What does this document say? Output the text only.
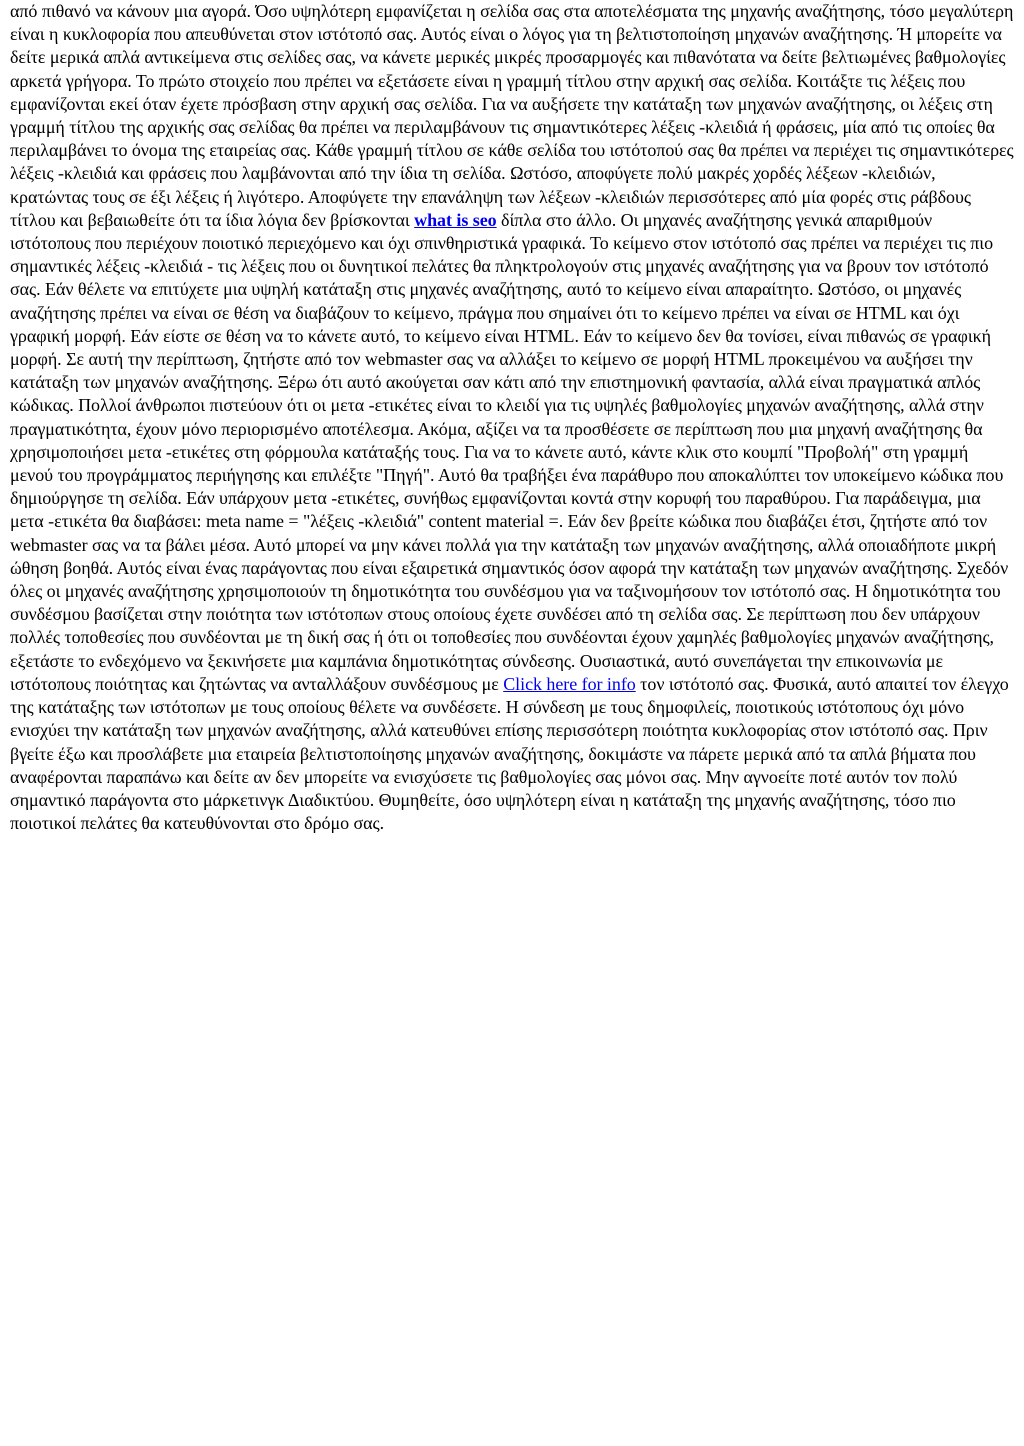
από πιθανό να κάνουν μια αγορά. Όσο υψηλότερη εμφανίζεται η σελίδα σας στα αποτελέσματα της μηχανής αναζήτησης, τόσο μεγαλύτερη είναι η κυκλοφορία που απευθύνεται στον ιστότοπό σας. Αυτός είναι ο λόγος για τη βελτιστοποίηση μηχανών αναζήτησης. Ή μπορείτε να δείτε μερικά απλά αντικείμενα στις σελίδες σας, να κάνετε μερικές μικρές προσαρμογές και πιθανότατα να δείτε βελτιωμένες βαθμολογίες αρκετά γρήγορα. Το πρώτο στοιχείο που πρέπει να εξετάσετε είναι η γραμμή τίτλου στην αρχική σας σελίδα. Κοιτάξτε τις λέξεις που εμφανίζονται εκεί όταν έχετε πρόσβαση στην αρχική σας σελίδα. Για να αυξήσετε την κατάταξη των μηχανών αναζήτησης, οι λέξεις στη γραμμή τίτλου της αρχικής σας σελίδας θα πρέπει να περιλαμβάνουν τις σημαντικότερες λέξεις -κλειδιά ή φράσεις, μία από τις οποίες θα περιλαμβάνει το όνομα της εταιρείας σας. Κάθε γραμμή τίτλου σε κάθε σελίδα του ιστότοπού σας θα πρέπει να περιέχει τις σημαντικότερες λέξεις -κλειδιά και φράσεις που λαμβάνονται από την ίδια τη σελίδα. Ωστόσο, αποφύγετε πολύ μακρές χορδές λέξεων -κλειδιών, κρατώντας τους σε έξι λέξεις ή λιγότερο. Αποφύγετε την επανάληψη των λέξεων -κλειδιών περισσότερες από μία φορές στις ράβδους τίτλου και βεβαιωθείτε ότι τα ίδια λόγια δεν βρίσκονται what is seo δίπλα στο άλλο. Οι μηχανές αναζήτησης γενικά απαριθμούν ιστότοπους που περιέχουν ποιοτικό περιεχόμενο και όχι σπινθηριστικά γραφικά. Το κείμενο στον ιστότοπό σας πρέπει να περιέχει τις πιο σημαντικές λέξεις -κλειδιά - τις λέξεις που οι δυνητικοί πελάτες θα πληκτρολογούν στις μηχανές αναζήτησης για να βρουν τον ιστότοπό σας. Εάν θέλετε να επιτύχετε μια υψηλή κατάταξη στις μηχανές αναζήτησης, αυτό το κείμενο είναι απαραίτητο. Ωστόσο, οι μηχανές αναζήτησης πρέπει να είναι σε θέση να διαβάζουν το κείμενο, πράγμα που σημαίνει ότι το κείμενο πρέπει να είναι σε HTML και όχι γραφική μορφή. Εάν είστε σε θέση να το κάνετε αυτό, το κείμενο είναι HTML. Εάν το κείμενο δεν θα τονίσει, είναι πιθανώς σε γραφική μορφή. Σε αυτή την περίπτωση, ζητήστε από τον webmaster σας να αλλάξει το κείμενο σε μορφή HTML προκειμένου να αυξήσει την κατάταξη των μηχανών αναζήτησης. Ξέρω ότι αυτό ακούγεται σαν κάτι από την επιστημονική φαντασία, αλλά είναι πραγματικά απλός κώδικας. Πολλοί άνθρωποι πιστεύουν ότι οι μετα -ετικέτες είναι το κλειδί για τις υψηλές βαθμολογίες μηχανών αναζήτησης, αλλά στην πραγματικότητα, έχουν μόνο περιορισμένο αποτέλεσμα. Ακόμα, αξίζει να τα προσθέσετε σε περίπτωση που μια μηχανή αναζήτησης θα χρησιμοποιήσει μετα -ετικέτες στη φόρμουλα κατάταξής τους. Για να το κάνετε αυτό, κάντε κλικ στο κουμπί "Προβολή" στη γραμμή μενού του προγράμματος περιήγησης και επιλέξτε "Πηγή". Αυτό θα τραβήξει ένα παράθυρο που αποκαλύπτει τον υποκείμενο κώδικα που δημιούργησε τη σελίδα. Εάν υπάρχουν μετα -ετικέτες, συνήθως εμφανίζονται κοντά στην κορυφή του παραθύρου. Για παράδειγμα, μια μετα -ετικέτα θα διαβάσει: meta name = "λέξεις -κλειδιά" content material =. Εάν δεν βρείτε κώδικα που διαβάζει έτσι, ζητήστε από τον webmaster σας να τα βάλει μέσα. Αυτό μπορεί να μην κάνει πολλά για την κατάταξη των μηχανών αναζήτησης, αλλά οποιαδήποτε μικρή ώθηση βοηθά. Αυτός είναι ένας παράγοντας που είναι εξαιρετικά σημαντικός όσον αφορά την κατάταξη των μηχανών αναζήτησης. Σχεδόν όλες οι μηχανές αναζήτησης χρησιμοποιούν τη δημοτικότητα του συνδέσμου για να ταξινομήσουν τον ιστότοπό σας. Η δημοτικότητα του συνδέσμου βασίζεται στην ποιότητα των ιστότοπων στους οποίους έχετε συνδέσει από τη σελίδα σας. Σε περίπτωση που δεν υπάρχουν πολλές τοποθεσίες που συνδέονται με τη δική σας ή ότι οι τοποθεσίες που συνδέονται έχουν χαμηλές βαθμολογίες μηχανών αναζήτησης, εξετάστε το ενδεχόμενο να ξεκινήσετε μια καμπάνια δημοτικότητας σύνδεσης. Ουσιαστικά, αυτό συνεπάγεται την επικοινωνία με ιστότοπους ποιότητας και ζητώντας να ανταλλάξουν συνδέσμους με Click here for info τον ιστότοπό σας. Φυσικά, αυτό απαιτεί τον έλεγχο της κατάταξης των ιστότοπων με τους οποίους θέλετε να συνδέσετε. Η σύνδεση με τους δημοφιλείς, ποιοτικούς ιστότοπους όχι μόνο ενισχύει την κατάταξη των μηχανών αναζήτησης, αλλά κατευθύνει επίσης περισσότερη ποιότητα κυκλοφορίας στον ιστότοπό σας. Πριν βγείτε έξω και προσλάβετε μια εταιρεία βελτιστοποίησης μηχανών αναζήτησης, δοκιμάστε να πάρετε μερικά από τα απλά βήματα που αναφέρονται παραπάνω και δείτε αν δεν μπορείτε να ενισχύσετε τις βαθμολογίες σας μόνοι σας. Μην αγνοείτε ποτέ αυτόν τον πολύ σημαντικό παράγοντα στο μάρκετινγκ Διαδικτύου. Θυμηθείτε, όσο υψηλότερη είναι η κατάταξη της μηχανής αναζήτησης, τόσο πιο ποιοτικοί πελάτες θα κατευθύνονται στο δρόμο σας.
